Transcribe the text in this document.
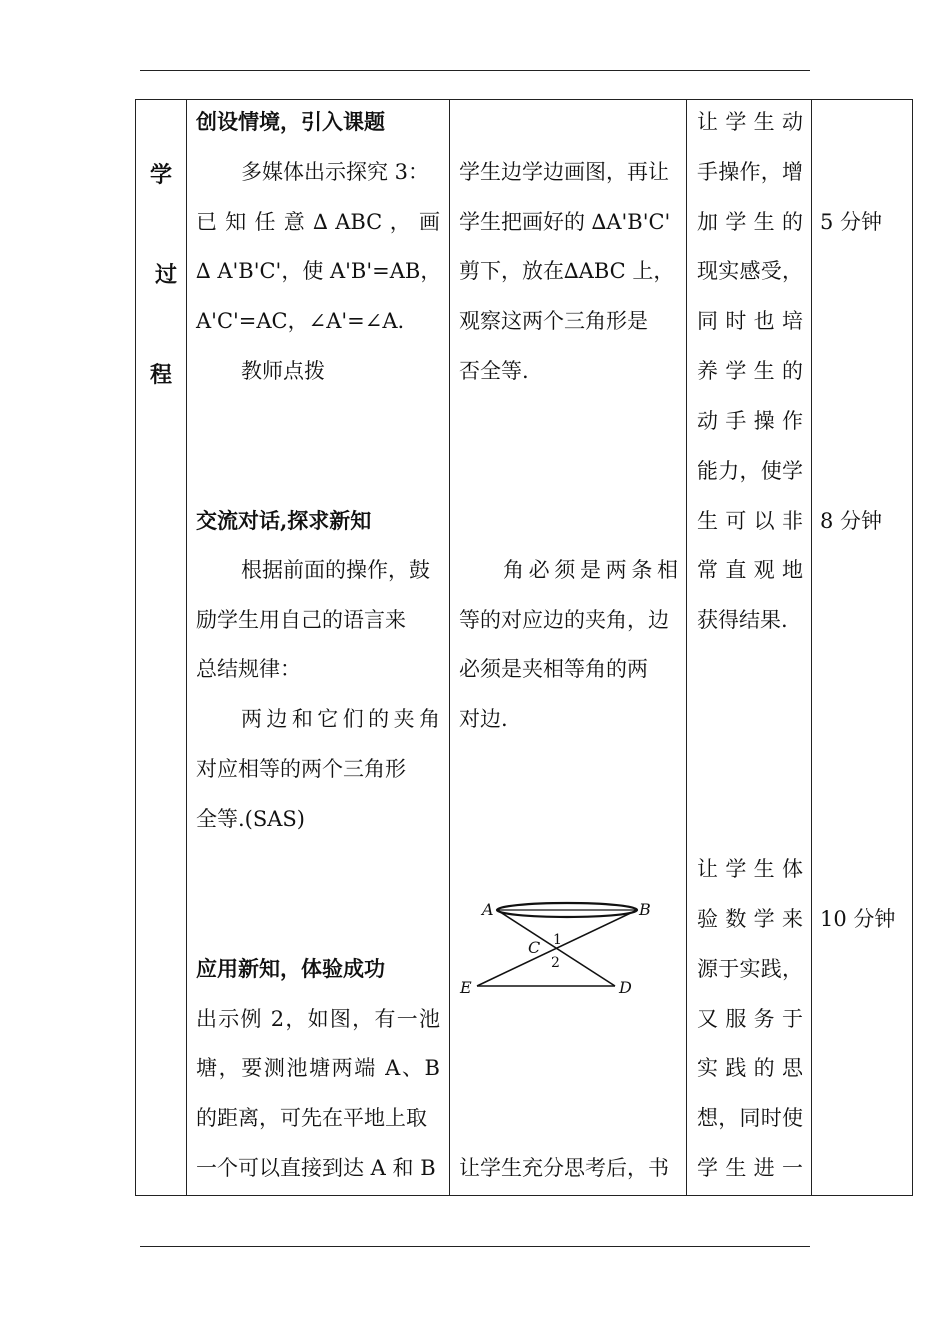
学
过
程
创设情境，引入课题
多媒体出示探究 3：
已 知 任 意 ∆ ABC ， 画
∆ A'B'C'，使 A'B'=AB，
A'C'=AC，∠A'=∠A.
教师点拨
交流对话,探求新知
根据前面的操作，鼓
励学生用自己的语言来
总结规律：
两边和它们的夹角
对应相等的两个三角形
全等.(SAS)
应用新知，体验成功
出示例 2，如图，有一池
塘，要测池塘两端 A、B
的距离，可先在平地上取
一个可以直接到达 A 和 B
学生边学边画图，再让
学生把画好的 ∆A'B'C'
剪下，放在∆ABC 上，
观察这两个三角形是
否全等.
角必须是两条相
等的对应边的夹角，边
必须是夹相等角的两
对边.
让学生充分思考后，书
A	B
C
E	D
1
2
让学生动
手操作，增
加学生的
现实感受，
同时也培
养学生的
动手操作
能力，使学
生可以非
常直观地
获得结果.
让学生体
验数学来
源于实践，
又服务于
实践的思
想，同时使
学生进一
5 分钟
8 分钟
10 分钟
